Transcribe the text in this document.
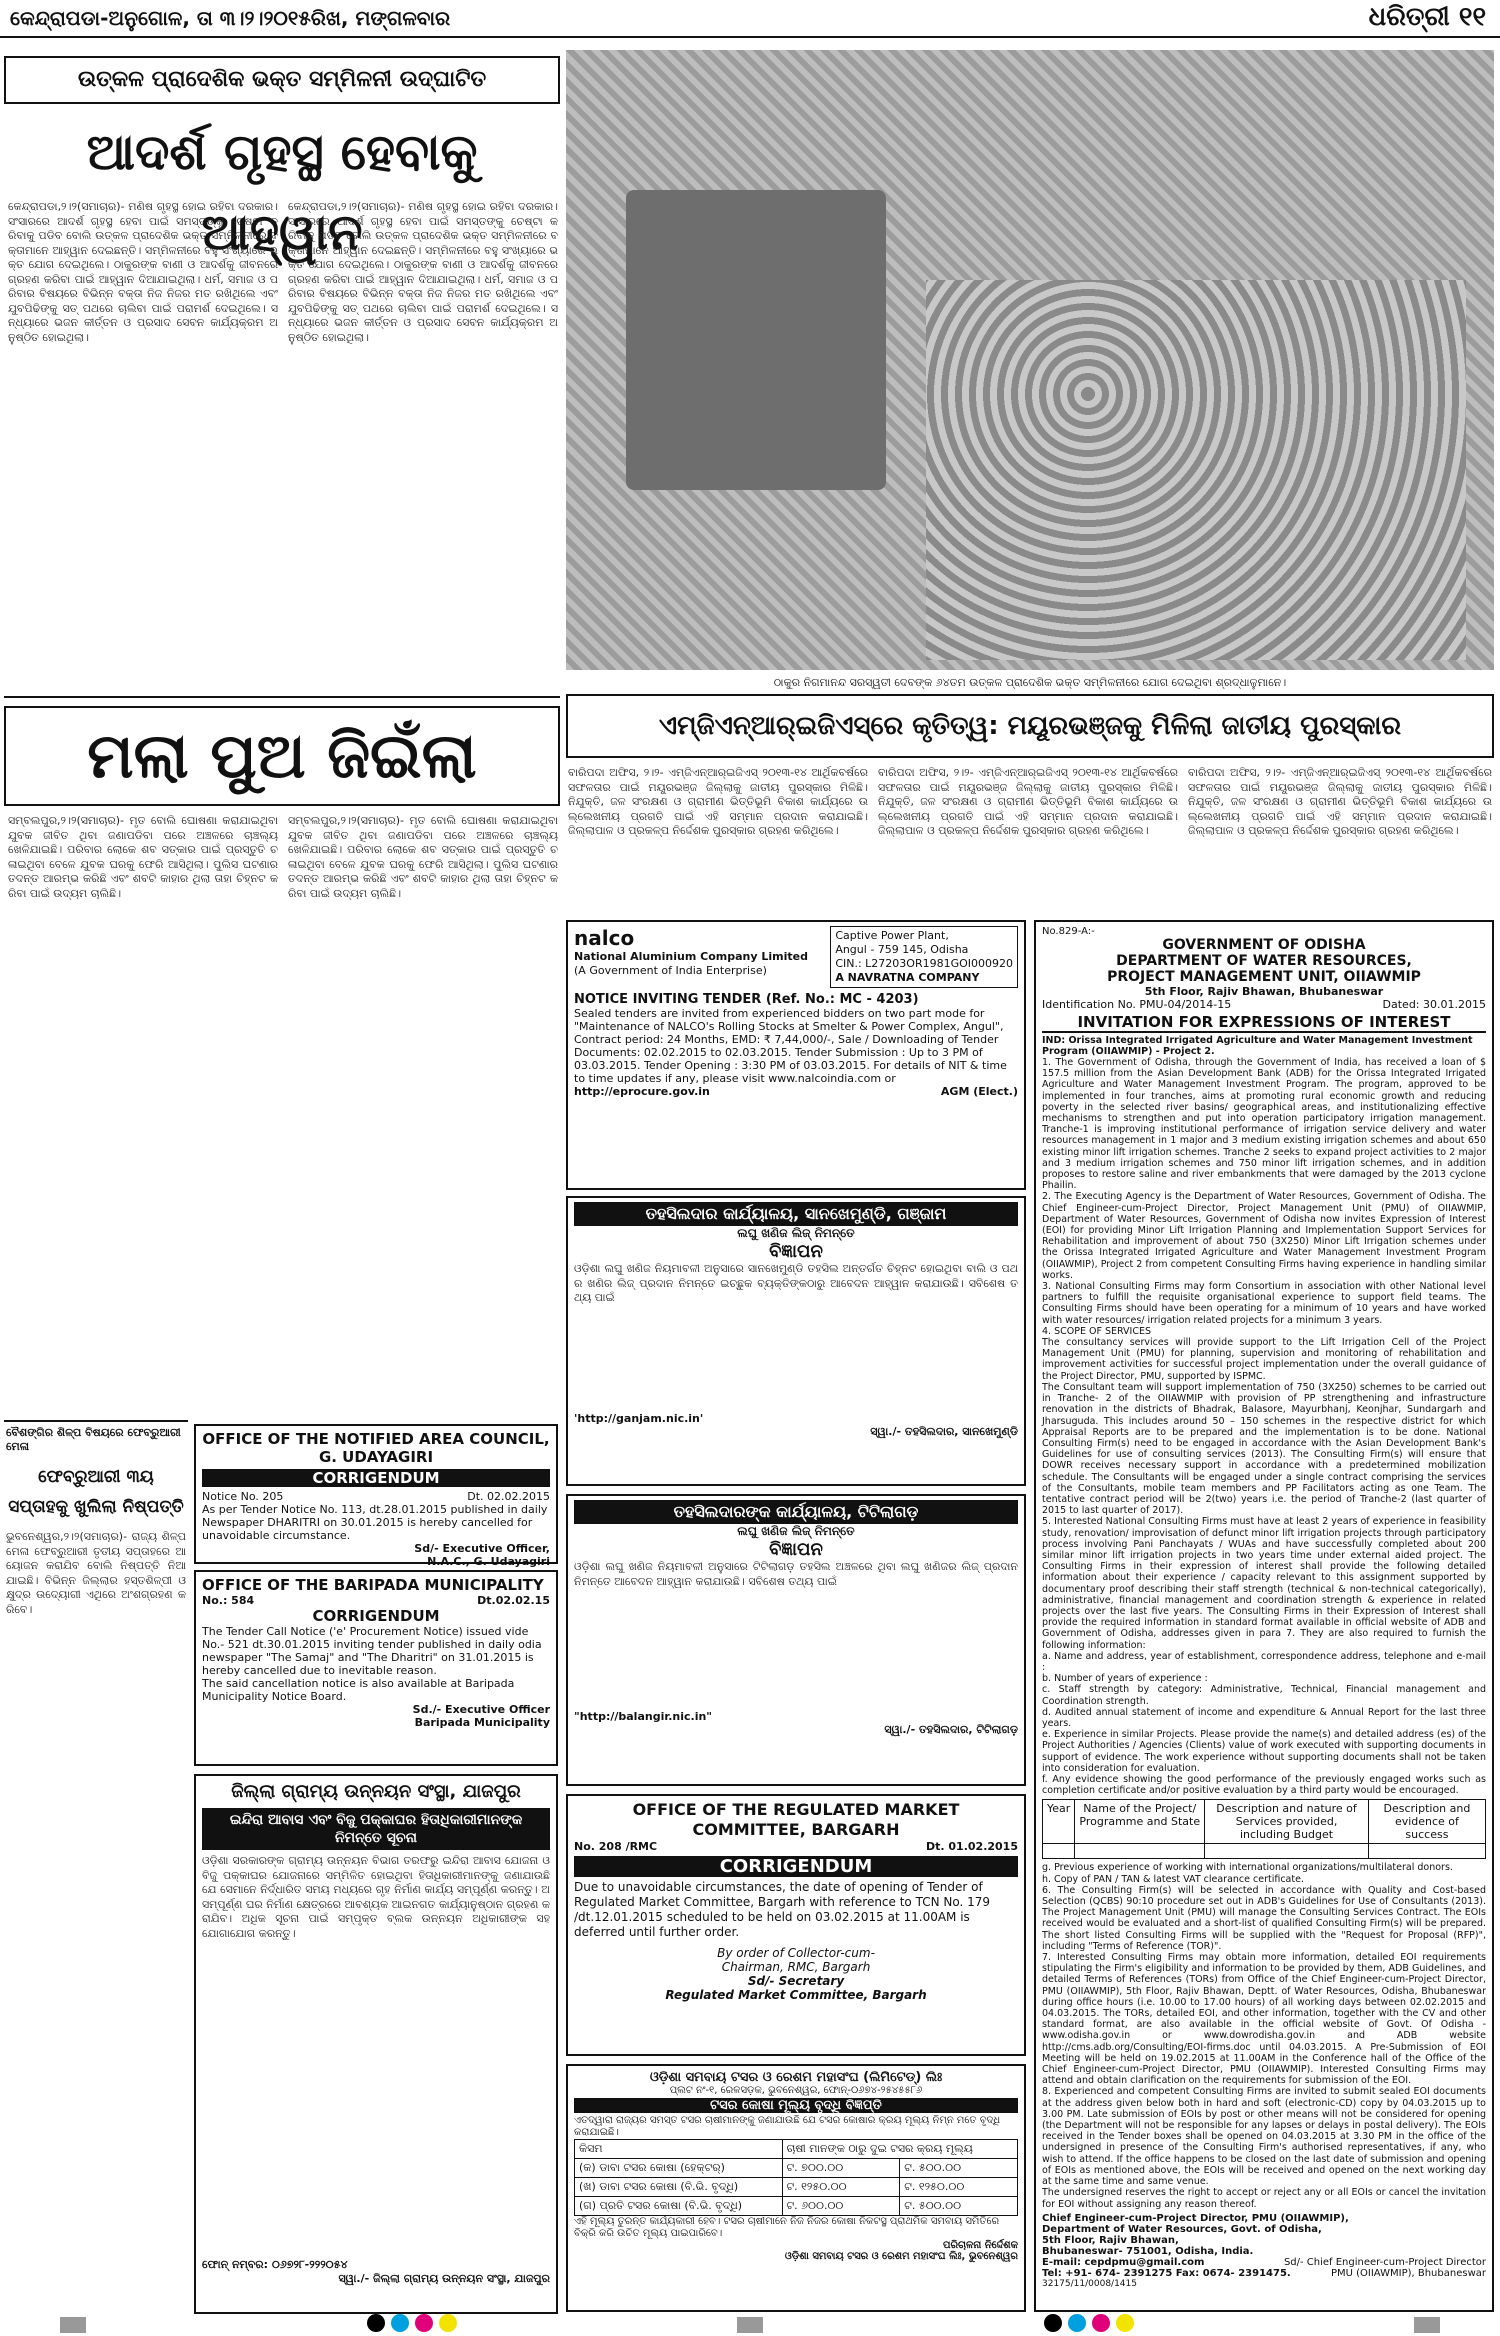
କେନ୍ଦ୍ରାପଡା-ଅନୁଗୋଳ, ତା ୩।୨।୨୦୧୫ରିଖ, ମଙ୍ଗଳବାର	ଧରିତ୍ରୀ ୧୧
ଉତ୍କଳ ପ୍ରାଦେଶିକ ଭକ୍ତ ସମ୍ମିଳନୀ ଉଦ୍‌ଘାଟିତ
ଆଦର୍ଶ ଗୃହସ୍ଥ ହେବାକୁ ଆହ୍ୱାନ
କେନ୍ଦ୍ରାପଡା,୨।୨(ସମାଚାର)- ମଣିଷ ଗୃହସ୍ଥ ହୋଇ ରହିବା ଦରକାର। ସଂସାରରେ ଆଦର୍ଶ ଗୃହସ୍ଥ ହେବା ପାଇଁ ସମସ୍ତଙ୍କୁ ଚେଷ୍ଟା କରିବାକୁ ପଡିବ ବୋଲି ଉତ୍କଳ ପ୍ରାଦେଶିକ ଭକ୍ତ ସମ୍ମିଳନୀରେ ବକ୍ତାମାନେ ଆହ୍ୱାନ ଦେଇଛନ୍ତି। ସମ୍ମିଳନୀରେ ବହୁ ସଂଖ୍ୟାରେ ଭକ୍ତ ଯୋଗ ଦେଇଥିଲେ। ଠାକୁରଙ୍କ ବାଣୀ ଓ ଆଦର୍ଶକୁ ଜୀବନରେ ଗ୍ରହଣ କରିବା ପାଇଁ ଆହ୍ୱାନ ଦିଆଯାଇଥିଲା। ଧର୍ମ, ସମାଜ ଓ ପରିବାର ବିଷୟରେ ବିଭିନ୍ନ ବକ୍ତା ନିଜ ନିଜର ମତ ରଖିଥିଲେ ଏବଂ ଯୁବପିଢିଙ୍କୁ ସତ୍ ପଥରେ ଚାଲିବା ପାଇଁ ପରାମର୍ଶ ଦେଇଥିଲେ। ସନ୍ଧ୍ୟାରେ ଭଜନ କୀର୍ତ୍ତନ ଓ ପ୍ରସାଦ ସେବନ କାର୍ଯ୍ୟକ୍ରମ ଅନୁଷ୍ଠିତ ହୋଇଥିଲା।
କେନ୍ଦ୍ରାପଡା,୨।୨(ସମାଚାର)- ମଣିଷ ଗୃହସ୍ଥ ହୋଇ ରହିବା ଦରକାର। ସଂସାରରେ ଆଦର୍ଶ ଗୃହସ୍ଥ ହେବା ପାଇଁ ସମସ୍ତଙ୍କୁ ଚେଷ୍ଟା କରିବାକୁ ପଡିବ ବୋଲି ଉତ୍କଳ ପ୍ରାଦେଶିକ ଭକ୍ତ ସମ୍ମିଳନୀରେ ବକ୍ତାମାନେ ଆହ୍ୱାନ ଦେଇଛନ୍ତି। ସମ୍ମିଳନୀରେ ବହୁ ସଂଖ୍ୟାରେ ଭକ୍ତ ଯୋଗ ଦେଇଥିଲେ। ଠାକୁରଙ୍କ ବାଣୀ ଓ ଆଦର୍ଶକୁ ଜୀବନରେ ଗ୍ରହଣ କରିବା ପାଇଁ ଆହ୍ୱାନ ଦିଆଯାଇଥିଲା। ଧର୍ମ, ସମାଜ ଓ ପରିବାର ବିଷୟରେ ବିଭିନ୍ନ ବକ୍ତା ନିଜ ନିଜର ମତ ରଖିଥିଲେ ଏବଂ ଯୁବପିଢିଙ୍କୁ ସତ୍ ପଥରେ ଚାଲିବା ପାଇଁ ପରାମର୍ଶ ଦେଇଥିଲେ। ସନ୍ଧ୍ୟାରେ ଭଜନ କୀର୍ତ୍ତନ ଓ ପ୍ରସାଦ ସେବନ କାର୍ଯ୍ୟକ୍ରମ ଅନୁଷ୍ଠିତ ହୋଇଥିଲା।
ଠାକୁର ନିଗମାନନ୍ଦ ସରସ୍ୱତୀ ଦେବଙ୍କ ୬୪ତମ ଉତ୍କଳ ପ୍ରାଦେଶିକ ଭକ୍ତ ସମ୍ମିଳନୀରେ ଯୋଗ ଦେଇଥିବା ଶ୍ରଦ୍ଧାଳୁମାନେ।
ଏମ୍‌ଜିଏନ୍‌ଆର୍‌ଇଜିଏସ୍‌ରେ କୃତିତ୍ୱ: ମୟୂରଭଞ୍ଜକୁ ମିଳିଲା ଜାତୀୟ ପୁରସ୍କାର
ବାରିପଦା ଅଫିସ, ୨।୨- ଏମ୍‌ଜିଏନ୍‌ଆର୍‌ଇଜିଏସ୍ ୨୦୧୩-୧୪ ଆର୍ଥିକବର୍ଷରେ ସଫଳତାର ପାଇଁ ମୟୂରଭଞ୍ଜ ଜିଲ୍ଲାକୁ ଜାତୀୟ ପୁରସ୍କାର ମିଳିଛି। ନିଯୁକ୍ତି, ଜଳ ସଂରକ୍ଷଣ ଓ ଗ୍ରାମୀଣ ଭିତ୍ତିଭୂମି ବିକାଶ କାର୍ଯ୍ୟରେ ଉଲ୍ଲେଖନୀୟ ପ୍ରଗତି ପାଇଁ ଏହି ସମ୍ମାନ ପ୍ରଦାନ କରାଯାଇଛି। ଜିଲ୍ଲାପାଳ ଓ ପ୍ରକଳ୍ପ ନିର୍ଦ୍ଦେଶକ ପୁରସ୍କାର ଗ୍ରହଣ କରିଥିଲେ।
ବାରିପଦା ଅଫିସ, ୨।୨- ଏମ୍‌ଜିଏନ୍‌ଆର୍‌ଇଜିଏସ୍ ୨୦୧୩-୧୪ ଆର୍ଥିକବର୍ଷରେ ସଫଳତାର ପାଇଁ ମୟୂରଭଞ୍ଜ ଜିଲ୍ଲାକୁ ଜାତୀୟ ପୁରସ୍କାର ମିଳିଛି। ନିଯୁକ୍ତି, ଜଳ ସଂରକ୍ଷଣ ଓ ଗ୍ରାମୀଣ ଭିତ୍ତିଭୂମି ବିକାଶ କାର୍ଯ୍ୟରେ ଉଲ୍ଲେଖନୀୟ ପ୍ରଗତି ପାଇଁ ଏହି ସମ୍ମାନ ପ୍ରଦାନ କରାଯାଇଛି। ଜିଲ୍ଲାପାଳ ଓ ପ୍ରକଳ୍ପ ନିର୍ଦ୍ଦେଶକ ପୁରସ୍କାର ଗ୍ରହଣ କରିଥିଲେ।
ବାରିପଦା ଅଫିସ, ୨।୨- ଏମ୍‌ଜିଏନ୍‌ଆର୍‌ଇଜିଏସ୍ ୨୦୧୩-୧୪ ଆର୍ଥିକବର୍ଷରେ ସଫଳତାର ପାଇଁ ମୟୂରଭଞ୍ଜ ଜିଲ୍ଲାକୁ ଜାତୀୟ ପୁରସ୍କାର ମିଳିଛି। ନିଯୁକ୍ତି, ଜଳ ସଂରକ୍ଷଣ ଓ ଗ୍ରାମୀଣ ଭିତ୍ତିଭୂମି ବିକାଶ କାର୍ଯ୍ୟରେ ଉଲ୍ଲେଖନୀୟ ପ୍ରଗତି ପାଇଁ ଏହି ସମ୍ମାନ ପ୍ରଦାନ କରାଯାଇଛି। ଜିଲ୍ଲାପାଳ ଓ ପ୍ରକଳ୍ପ ନିର୍ଦ୍ଦେଶକ ପୁରସ୍କାର ଗ୍ରହଣ କରିଥିଲେ।
ମଲା ପୁଅ ଜିଇଁଲା
ସମ୍ବଲପୁର,୨।୨(ସମାଚାର)- ମୃତ ବୋଲି ଘୋଷଣା କରାଯାଇଥିବା ଯୁବକ ଜୀବିତ ଥିବା ଜଣାପଡିବା ପରେ ଅଞ୍ଚଳରେ ଚାଞ୍ଚଲ୍ୟ ଖେଳିଯାଇଛି। ପରିବାର ଲୋକେ ଶବ ସତ୍କାର ପାଇଁ ପ୍ରସ୍ତୁତି ଚଳାଇଥିବା ବେଳେ ଯୁବକ ଘରକୁ ଫେରି ଆସିଥିଲା। ପୁଲିସ ଘଟଣାର ତଦନ୍ତ ଆରମ୍ଭ କରିଛି ଏବଂ ଶବଟି କାହାର ଥିଲା ତାହା ଚିହ୍ନଟ କରିବା ପାଇଁ ଉଦ୍ୟମ ଚାଲିଛି।
ସମ୍ବଲପୁର,୨।୨(ସମାଚାର)- ମୃତ ବୋଲି ଘୋଷଣା କରାଯାଇଥିବା ଯୁବକ ଜୀବିତ ଥିବା ଜଣାପଡିବା ପରେ ଅଞ୍ଚଳରେ ଚାଞ୍ଚଲ୍ୟ ଖେଳିଯାଇଛି। ପରିବାର ଲୋକେ ଶବ ସତ୍କାର ପାଇଁ ପ୍ରସ୍ତୁତି ଚଳାଇଥିବା ବେଳେ ଯୁବକ ଘରକୁ ଫେରି ଆସିଥିଲା। ପୁଲିସ ଘଟଣାର ତଦନ୍ତ ଆରମ୍ଭ କରିଛି ଏବଂ ଶବଟି କାହାର ଥିଲା ତାହା ଚିହ୍ନଟ କରିବା ପାଇଁ ଉଦ୍ୟମ ଚାଲିଛି।
ବୈଶଙ୍ଗିର ଶିଳ୍ପ ବିଷୟରେ ଫେବ୍ରୁଆରୀ ମେଳା
ଫେବ୍ରୁଆରୀ ୩ୟ ସପ୍ତାହକୁ ଖୁଲିଲା ନିଷ୍ପତ୍ତି
ଭୁବନେଶ୍ୱର,୨।୨(ସମାଚାର)- ରାଜ୍ୟ ଶିଳ୍ପ ମେଳା ଫେବ୍ରୁଆରୀ ତୃତୀୟ ସପ୍ତାହରେ ଆୟୋଜନ କରାଯିବ ବୋଲି ନିଷ୍ପତ୍ତି ନିଆଯାଇଛି। ବିଭିନ୍ନ ଜିଲ୍ଲାର ହସ୍ତଶିଳ୍ପୀ ଓ କ୍ଷୁଦ୍ର ଉଦ୍ୟୋଗୀ ଏଥିରେ ଅଂଶଗ୍ରହଣ କରିବେ।
OFFICE OF THE NOTIFIED AREA COUNCIL, G. UDAYAGIRI
CORRIGENDUM
Notice No. 205	Dt. 02.02.2015
As per Tender Notice No. 113, dt.28.01.2015 published in daily Newspaper DHARITRI on 30.01.2015 is hereby cancelled for unavoidable circumstance.
Sd/- Executive Officer,
N.A.C., G. Udayagiri
OFFICE OF THE BARIPADA MUNICIPALITY
No.: 584	Dt.02.02.15
CORRIGENDUM
The Tender Call Notice ('e' Procurement Notice) issued vide No.- 521 dt.30.01.2015 inviting tender published in daily odia newspaper "The Samaj" and "The Dharitri" on 31.01.2015 is hereby cancelled due to inevitable reason.
The said cancellation notice is also available at Baripada Municipality Notice Board.
Sd./- Executive Officer
Baripada Municipality
ଜିଲ୍ଲା ଗ୍ରାମ୍ୟ ଉନ୍ନୟନ ସଂସ୍ଥା, ଯାଜପୁର
ଇନ୍ଦିରା ଆବାସ ଏବଂ ବିଜୁ ପକ୍କାଘର ହିତାଧିକାରୀମାନଙ୍କ ନିମନ୍ତେ ସୂଚନା
ଓଡ଼ିଶା ସରକାରଙ୍କ ଗ୍ରାମ୍ୟ ଉନ୍ନୟନ ବିଭାଗ ତରଫରୁ ଇନ୍ଦିରା ଆବାସ ଯୋଜନା ଓ ବିଜୁ ପକ୍କାଘର ଯୋଜନାରେ ସମ୍ମିଳିତ ହୋଇଥିବା ହିତାଧିକାରୀମାନଙ୍କୁ ଜଣାଯାଉଛି ଯେ ସେମାନେ ନିର୍ଦ୍ଧାରିତ ସମୟ ମଧ୍ୟରେ ଗୃହ ନିର୍ମାଣ କାର୍ଯ୍ୟ ସମ୍ପୂର୍ଣ୍ଣ କରନ୍ତୁ। ଅସମ୍ପୂର୍ଣ୍ଣ ଘର ନିର୍ମାଣ କ୍ଷେତ୍ରରେ ଆବଶ୍ୟକ ଆଇନଗତ କାର୍ଯ୍ୟାନୁଷ୍ଠାନ ଗ୍ରହଣ କରାଯିବ। ଅଧିକ ସୂଚନା ପାଇଁ ସମ୍ପୃକ୍ତ ବ୍ଲକ ଉନ୍ନୟନ ଅଧିକାରୀଙ୍କ ସହ ଯୋଗାଯୋଗ କରନ୍ତୁ।
ଫୋନ୍ ନମ୍ବର: ୦୬୭୨୮-୨୨୨୦୫୪
ସ୍ୱା./- ଜିଲ୍ଲା ଗ୍ରାମ୍ୟ ଉନ୍ନୟନ ସଂସ୍ଥା, ଯାଜପୁର
nalco
National Aluminium Company Limited
(A Government of India Enterprise)
Captive Power Plant,
Angul - 759 145, Odisha
CIN.: L27203OR1981GOI000920
A NAVRATNA COMPANY
NOTICE INVITING TENDER (Ref. No.: MC - 4203)
Sealed tenders are invited from experienced bidders on two part mode for "Maintenance of NALCO's Rolling Stocks at Smelter & Power Complex, Angul", Contract period: 24 Months, EMD: ₹ 7,44,000/-, Sale / Downloading of Tender Documents: 02.02.2015 to 02.03.2015. Tender Submission : Up to 3 PM of 03.03.2015. Tender Opening : 3:30 PM of 03.03.2015. For details of NIT & time to time updates if any, please visit www.nalcoindia.com or
http://eprocure.gov.in	AGM (Elect.)
ତହସିଲଦାର କାର୍ଯ୍ୟାଳୟ, ସାନଖେମୁଣ୍ଡି, ଗଞ୍ଜାମ
ଲଘୁ ଖଣିଜ ଲିଜ୍ ନିମନ୍ତେ
ବିଜ୍ଞାପନ
ଓଡ଼ିଶା ଲଘୁ ଖଣିଜ ନିୟମାବଳୀ ଅନୁସାରେ ସାନଖେମୁଣ୍ଡି ତହସିଲ ଅନ୍ତର୍ଗତ ଚିହ୍ନଟ ହୋଇଥିବା ବାଲି ଓ ପଥର ଖଣିର ଲିଜ୍ ପ୍ରଦାନ ନିମନ୍ତେ ଇଚ୍ଛୁକ ବ୍ୟକ୍ତିଙ୍କଠାରୁ ଆବେଦନ ଆହ୍ୱାନ କରାଯାଉଛି। ସବିଶେଷ ତଥ୍ୟ ପାଇଁ
'http://ganjam.nic.in'
ସ୍ୱା./- ତହସିଲଦାର, ସାନଖେମୁଣ୍ଡି
ତହସିଲଦାରଙ୍କ କାର୍ଯ୍ୟାଳୟ, ଟିଟିଲାଗଡ଼
ଲଘୁ ଖଣିଜ ଲିଜ୍ ନିମନ୍ତେ
ବିଜ୍ଞାପନ
ଓଡ଼ିଶା ଲଘୁ ଖଣିଜ ନିୟମାବଳୀ ଅନୁସାରେ ଟିଟିଲାଗଡ଼ ତହସିଲ ଅଞ୍ଚଳରେ ଥିବା ଲଘୁ ଖଣିଜର ଲିଜ୍ ପ୍ରଦାନ ନିମନ୍ତେ ଆବେଦନ ଆହ୍ୱାନ କରାଯାଉଛି। ସବିଶେଷ ତଥ୍ୟ ପାଇଁ
"http://balangir.nic.in"
ସ୍ୱା./- ତହସିଲଦାର, ଟିଟିଲାଗଡ଼
OFFICE OF THE REGULATED MARKET COMMITTEE, BARGARH
No. 208 /RMC	Dt. 01.02.2015
CORRIGENDUM
Due to unavoidable circumstances, the date of opening of Tender of Regulated Market Committee, Bargarh with reference to TCN No. 179 /dt.12.01.2015 scheduled to be held on 03.02.2015 at 11.00AM is deferred until further order.
By order of Collector-cum-
Chairman, RMC, Bargarh
Sd/- Secretary
Regulated Market Committee, Bargarh
ଓଡ଼ିଶା ସମବାୟ ଟସର ଓ ରେଶମ ମହାସଂଘ (ଲିମିଟେଡ୍) ଲିଃ
ପ୍ଲଟ ନଂ-୧, ରେଳସଡ଼କ, ଭୁବନେଶ୍ୱର, ଫୋନ୍-୦୬୭୪-୨୫୪୫୫୮୬
ଟସର କୋଷା ମୂଲ୍ୟ ବୃଦ୍ଧି ବିଜ୍ଞପ୍ତି
ଏତଦ୍ୱାରା ରାଜ୍ୟର ସମସ୍ତ ଟସର ଚାଷୀମାନଙ୍କୁ ଜଣାଯାଉଛି ଯେ ଟସର କୋଷାର କ୍ରୟ ମୂଲ୍ୟ ନିମ୍ନ ମତେ ବୃଦ୍ଧି କରାଯାଇଛି।
କିସମ	ଚାଷୀ ମାନଙ୍କ ଠାରୁ ଦୁଇ ଟସର କ୍ରୟ ମୂଲ୍ୟ	
(କ) ଡାବା ଟସର କୋଷା (ହେକ୍‌ଟର୍)	ଟ. ୭୦୦.୦୦	ଟ. ୫୦୦.୦୦
(ଖ) ଡାବା ଟସର କୋଷା (ବି.ଭି. ବୃଦ୍ଧି)	ଟ. ୧୨୫୦.୦୦	ଟ. ୧୨୫୦.୦୦
(ଗ) ପ୍ରତି ଟସର କୋଷା (ବି.ଭି. ବୃଦ୍ଧି)	ଟ. ୬୦୦.୦୦	ଟ. ୫୦୦.୦୦
ଏହି ମୂଲ୍ୟ ତୁରନ୍ତ କାର୍ଯ୍ୟକାରୀ ହେବ। ଟସର ଚାଷୀମାନେ ନିଜ ନିଜର କୋଷା ନିକଟସ୍ଥ ପ୍ରାଥମିକ ସମବାୟ ସମିତିରେ ବିକ୍ରି କରି ଉଚିତ ମୂଲ୍ୟ ପାଇପାରିବେ।
ପରିଚାଳନା ନିର୍ଦ୍ଦେଶକ
ଓଡ଼ିଶା ସମବାୟ ଟସର ଓ ରେଶମ ମହାସଂଘ ଲିଃ, ଭୁବନେଶ୍ୱର
No.829-A:-
GOVERNMENT OF ODISHA
DEPARTMENT OF WATER RESOURCES,
PROJECT MANAGEMENT UNIT, OIIAWMIP
5th Floor, Rajiv Bhawan, Bhubaneswar
Identification No. PMU-04/2014-15	Dated: 30.01.2015
INVITATION FOR EXPRESSIONS OF INTEREST
IND: Orissa Integrated Irrigated Agriculture and Water Management Investment Program (OIIAWMIP) - Project 2.
1. The Government of Odisha, through the Government of India, has received a loan of $ 157.5 million from the Asian Development Bank (ADB) for the Orissa Integrated Irrigated Agriculture and Water Management Investment Program. The program, approved to be implemented in four tranches, aims at promoting rural economic growth and reducing poverty in the selected river basins/ geographical areas, and institutionalizing effective mechanisms to strengthen and put into operation participatory irrigation management. Tranche-1 is improving institutional performance of irrigation service delivery and water resources management in 1 major and 3 medium existing irrigation schemes and about 650 existing minor lift irrigation schemes. Tranche 2 seeks to expand project activities to 2 major and 3 medium irrigation schemes and 750 minor lift irrigation schemes, and in addition proposes to restore saline and river embankments that were damaged by the 2013 cyclone Phailin.
2. The Executing Agency is the Department of Water Resources, Government of Odisha. The Chief Engineer-cum-Project Director, Project Management Unit (PMU) of OIIAWMIP, Department of Water Resources, Government of Odisha now invites Expression of Interest (EOI) for providing Minor Lift Irrigation Planning and Implementation Support Services for Rehabilitation and improvement of about 750 (3X250) Minor Lift Irrigation schemes under the Orissa Integrated Irrigated Agriculture and Water Management Investment Program (OIIAWMIP), Project 2 from competent Consulting Firms having experience in handling similar works.
3. National Consulting Firms may form Consortium in association with other National level partners to fulfill the requisite organisational experience to support field teams. The Consulting Firms should have been operating for a minimum of 10 years and have worked with water resources/ irrigation related projects for a minimum 3 years.
4. SCOPE OF SERVICES
The consultancy services will provide support to the Lift Irrigation Cell of the Project Management Unit (PMU) for planning, supervision and monitoring of rehabilitation and improvement activities for successful project implementation under the overall guidance of the Project Director, PMU, supported by ISPMC.
The Consultant team will support implementation of 750 (3X250) schemes to be carried out in Tranche- 2 of the OIIAWMIP with provision of PP strengthening and infrastructure renovation in the districts of Bhadrak, Balasore, Mayurbhanj, Keonjhar, Sundargarh and Jharsuguda. This includes around 50 – 150 schemes in the respective district for which Appraisal Reports are to be prepared and the implementation is to be done. National Consulting Firm(s) need to be engaged in accordance with the Asian Development Bank's Guidelines for use of consulting services (2013). The Consulting Firm(s) will ensure that DOWR receives necessary support in accordance with a predetermined mobilization schedule. The Consultants will be engaged under a single contract comprising the services of the Consultants, mobile team members and PP Facilitators acting as one Team. The tentative contract period will be 2(two) years i.e. the period of Tranche-2 (last quarter of 2015 to last quarter of 2017).
5. Interested National Consulting Firms must have at least 2 years of experience in feasibility study, renovation/ improvisation of defunct minor lift irrigation projects through participatory process involving Pani Panchayats / WUAs and have successfully completed about 200 similar minor lift irrigation projects in two years time under external aided project. The Consulting Firms in their expression of interest shall provide the following detailed information about their experience / capacity relevant to this assignment supported by documentary proof describing their staff strength (technical & non-technical categorically), administrative, financial management and coordination strength & experience in related projects over the last five years. The Consulting Firms in their Expression of Interest shall provide the required information in standard format available in official website of ADB and Government of Odisha, addresses given in para 7. They are also required to furnish the following information:
a. Name and address, year of establishment, correspondence address, telephone and e-mail :
b. Number of years of experience :
c. Staff strength by category: Administrative, Technical, Financial management and Coordination strength.
d. Audited annual statement of income and expenditure & Annual Report for the last three years.
e. Experience in similar Projects. Please provide the name(s) and detailed address (es) of the Project Authorities / Agencies (Clients) value of work executed with supporting documents in support of evidence. The work experience without supporting documents shall not be taken into consideration for evaluation.
f. Any evidence showing the good performance of the previously engaged works such as completion certificate and/or positive evaluation by a third party would be encouraged.
Year	Name of the Project/ Programme and State	Description and nature of Services provided, including Budget	Description and evidence of success

g. Previous experience of working with international organizations/multilateral donors.
h. Copy of PAN / TAN & latest VAT clearance certificate.
6. The Consulting Firm(s) will be selected in accordance with Quality and Cost-based Selection (QCBS) 90:10 procedure set out in ADB's Guidelines for Use of Consultants (2013). The Project Management Unit (PMU) will manage the Consulting Services Contract. The EOIs received would be evaluated and a short-list of qualified Consulting Firm(s) will be prepared. The short listed Consulting Firms will be supplied with the "Request for Proposal (RFP)", including "Terms of Reference (TOR)".
7. Interested Consulting Firms may obtain more information, detailed EOI requirements stipulating the Firm's eligibility and information to be provided by them, ADB Guidelines, and detailed Terms of References (TORs) from Office of the Chief Engineer-cum-Project Director, PMU (OIIAWMIP), 5th Floor, Rajiv Bhawan, Deptt. of Water Resources, Odisha, Bhubaneswar during office hours (i.e. 10.00 to 17.00 hours) of all working days between 02.02.2015 and 04.03.2015. The TORs, detailed EOI, and other information, together with the CV and other standard format, are also available in the official website of Govt. Of Odisha - www.odisha.gov.in or www.dowrodisha.gov.in and ADB website http://cms.adb.org/Consulting/EOI-firms.doc until 04.03.2015. A Pre-Submission of EOI Meeting will be held on 19.02.2015 at 11.00AM in the Conference hall of the Office of the Chief Engineer-cum-Project Director, PMU (OIIAWMIP). Interested Consulting Firms may attend and obtain clarification on the requirements for submission of the EOI.
8. Experienced and competent Consulting Firms are invited to submit sealed EOI documents at the address given below both in hard and soft (electronic-CD) copy by 04.03.2015 up to 3.00 PM. Late submission of EOIs by post or other means will not be considered for opening (the Department will not be responsible for any lapses or delays in postal delivery). The EOIs received in the Tender boxes shall be opened on 04.03.2015 at 3.30 PM in the office of the undersigned in presence of the Consulting Firm's authorised representatives, if any, who wish to attend. If the office happens to be closed on the last date of submission and opening of EOIs as mentioned above, the EOIs will be received and opened on the next working day at the same time and same venue.
The undersigned reserves the right to accept or reject any or all EOIs or cancel the invitation for EOI without assigning any reason thereof.
Chief Engineer-cum-Project Director, PMU (OIIAWMIP),
Department of Water Resources, Govt. of Odisha,
5th Floor, Rajiv Bhawan,
Bhubaneswar- 751001, Odisha, India.
E-mail: cepdpmu@gmail.com	Sd/- Chief Engineer-cum-Project Director
Tel: +91- 674- 2391275 Fax: 0674- 2391475.	PMU (OIIAWMIP), Bhubaneswar
32175/11/0008/1415
